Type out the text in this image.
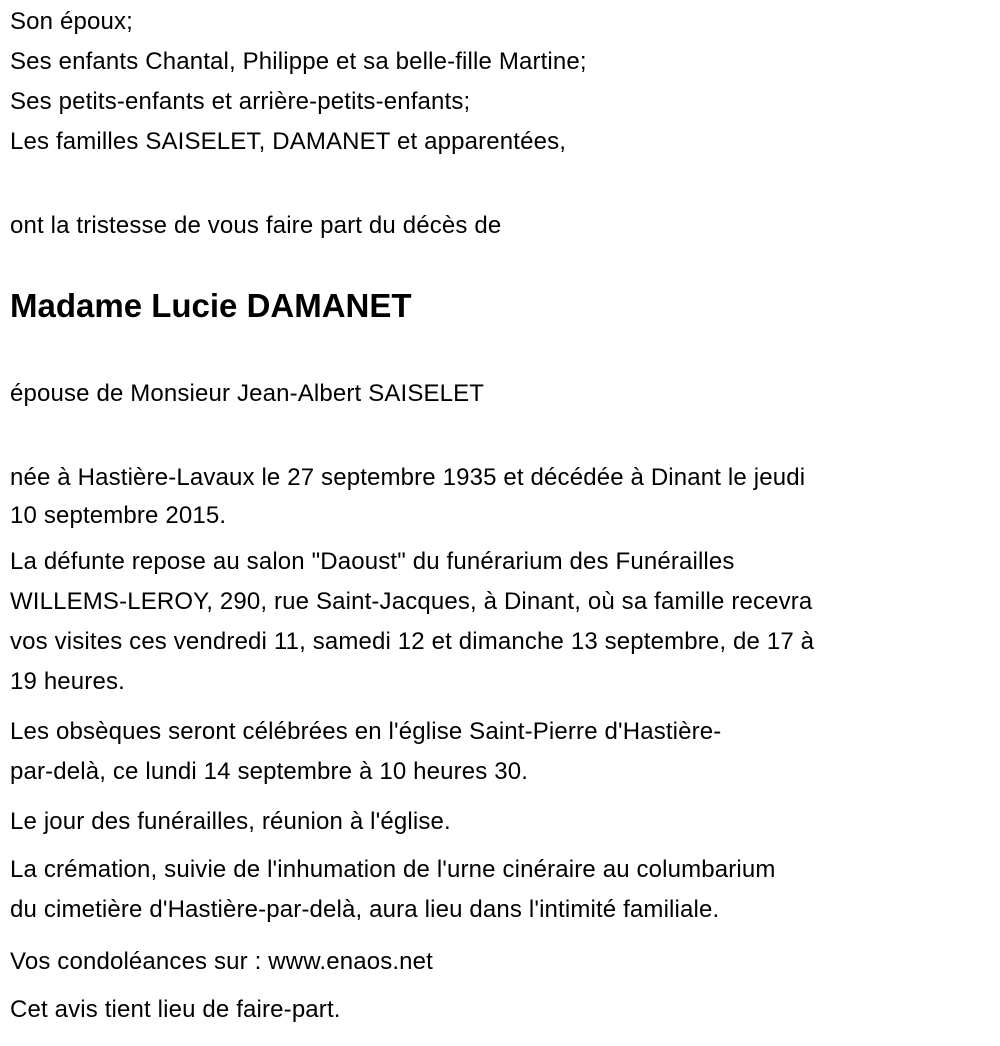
Son époux;
Ses enfants Chantal, Philippe et sa belle-fille Martine;
Ses petits-enfants et arrière-petits-enfants;
Les familles SAISELET, DAMANET et apparentées,
ont la tristesse de vous faire part du décès de
Madame Lucie DAMANET
épouse de Monsieur Jean-Albert SAISELET
née à Hastière-Lavaux le 27 septembre 1935 et décédée à Dinant le jeudi
10 septembre 2015.
La défunte repose au salon "Daoust" du funérarium des Funérailles
WILLEMS-LEROY, 290, rue Saint-Jacques, à Dinant, où sa famille recevra
vos visites ces vendredi 11, samedi 12 et dimanche 13 septembre, de 17 à
19 heures.
Les obsèques seront célébrées en l'église Saint-Pierre d'Hastière-
par-delà, ce lundi 14 septembre à 10 heures 30.
Le jour des funérailles, réunion à l'église.
La crémation, suivie de l'inhumation de l'urne cinéraire au columbarium
du cimetière d'Hastière-par-delà, aura lieu dans l'intimité familiale.
Vos condoléances sur : www.enaos.net
Cet avis tient lieu de faire-part.
